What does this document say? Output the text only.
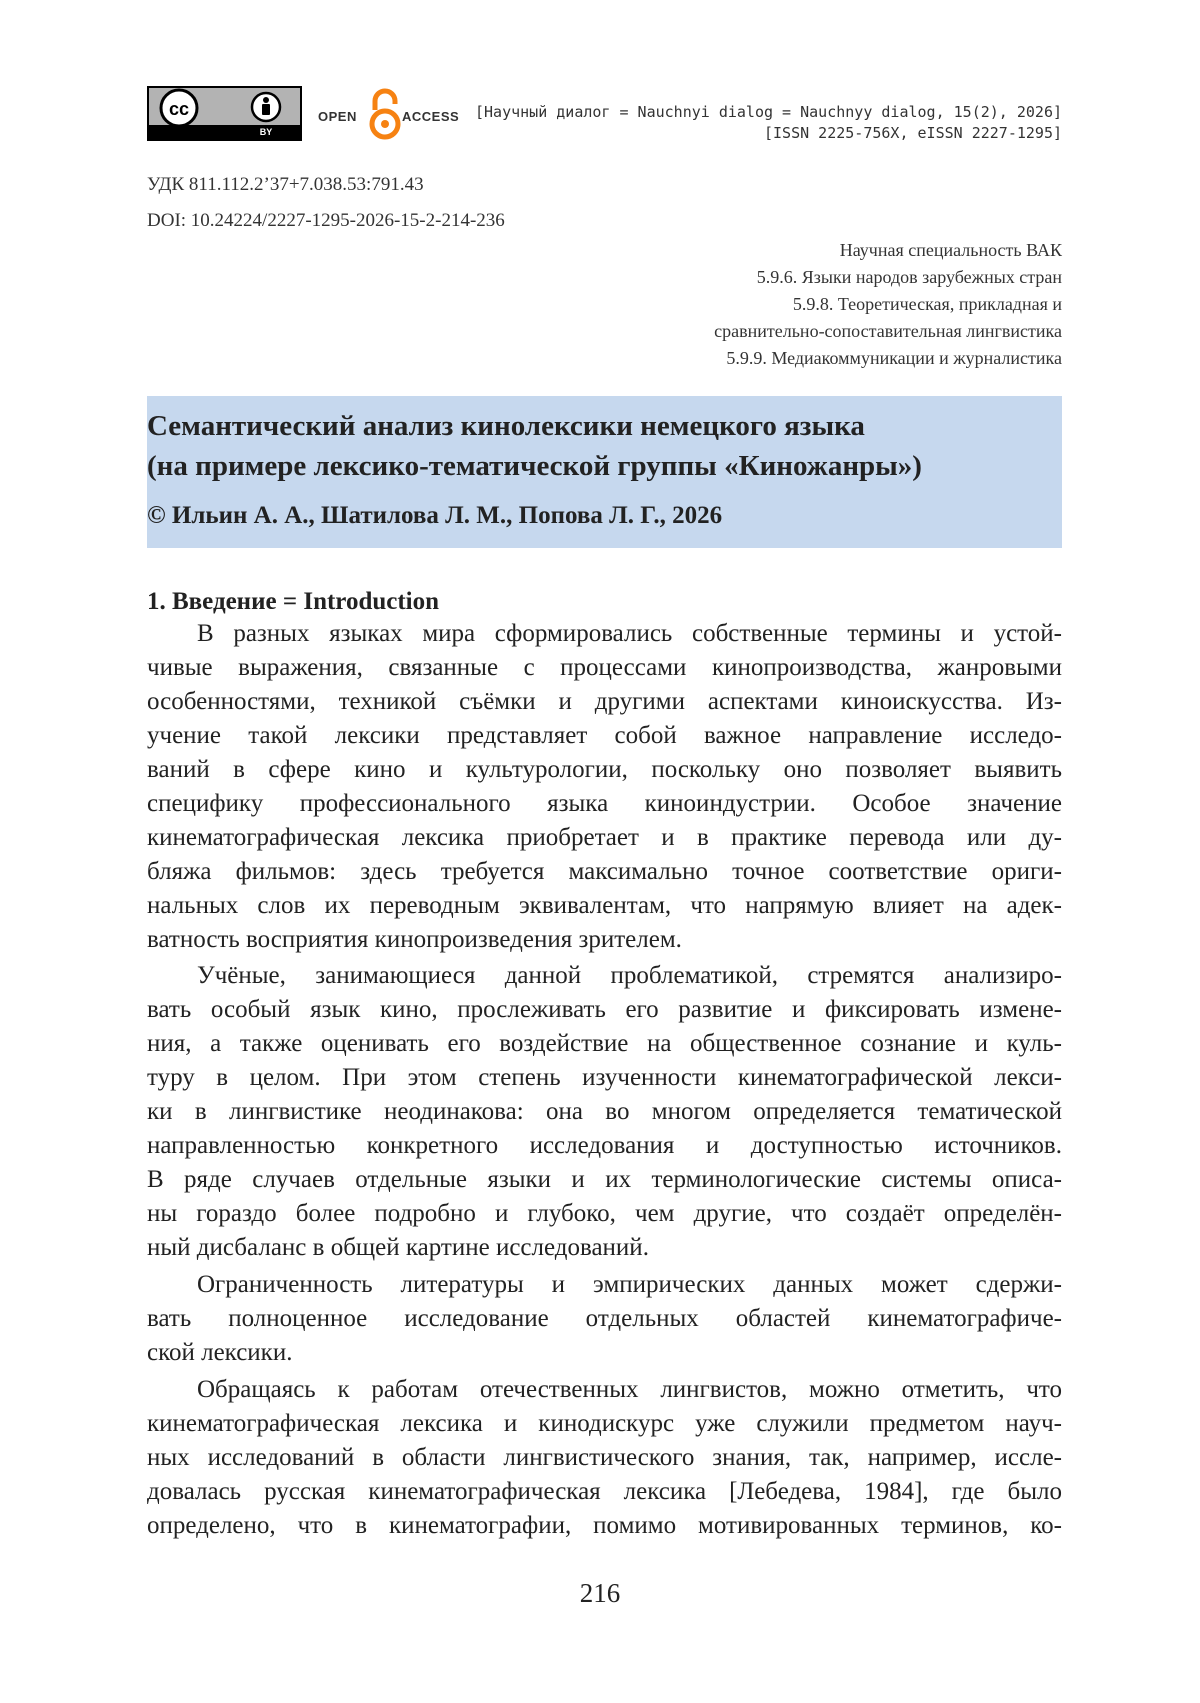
cc
BY
OPEN	ACCESS [Научный диалог = Nauchnyi dialog = Nauchnyy dialog, 15(2), 2026]
[ISSN 2225-756X, eISSN 2227-1295]
УДК 811.112.2’37+7.038.53:791.43
DOI: 10.24224/2227-1295-2026-15-2-214-236
Научная специальность ВАК
5.9.6. Языки народов зарубежных стран
5.9.8. Теоретическая, прикладная и
сравнительно-сопоставительная лингвистика
5.9.9. Медиакоммуникации и журналистика
Семантический анализ кинолексики немецкого языка
(на примере лексико-тематической группы «Киножанры»)
© Ильин А. А., Шатилова Л. М., Попова Л. Г., 2026
1. Введение = Introduction
В разных языках мира сформировались собственные термины и устой-
чивые выражения, связанные с процессами кинопроизводства, жанровыми
особенностями, техникой съёмки и другими аспектами киноискусства. Из-
учение такой лексики представляет собой важное направление исследо-
ваний в сфере кино и культурологии, поскольку оно позволяет выявить
специфику профессионального языка киноиндустрии. Особое значение
кинематографическая лексика приобретает и в практике перевода или ду-
бляжа фильмов: здесь требуется максимально точное соответствие ориги-
нальных слов их переводным эквивалентам, что напрямую влияет на адек-
ватность восприятия кинопроизведения зрителем.
Учёные, занимающиеся данной проблематикой, стремятся анализиро-
вать особый язык кино, прослеживать его развитие и фиксировать измене-
ния, а также оценивать его воздействие на общественное сознание и куль-
туру в целом. При этом степень изученности кинематографической лекси-
ки в лингвистике неодинакова: она во многом определяется тематической
направленностью конкретного исследования и доступностью источников.
В ряде случаев отдельные языки и их терминологические системы описа-
ны гораздо более подробно и глубоко, чем другие, что создаёт определён-
ный дисбаланс в общей картине исследований.
Ограниченность литературы и эмпирических данных может сдержи-
вать полноценное исследование отдельных областей кинематографиче-
ской лексики.
Обращаясь к работам отечественных лингвистов, можно отметить, что
кинематографическая лексика и кинодискурс уже служили предметом науч-
ных исследований в области лингвистического знания, так, например, иссле-
довалась русская кинематографическая лексика [Лебедева, 1984], где было
определено, что в кинематографии, помимо мотивированных терминов, ко-
216
